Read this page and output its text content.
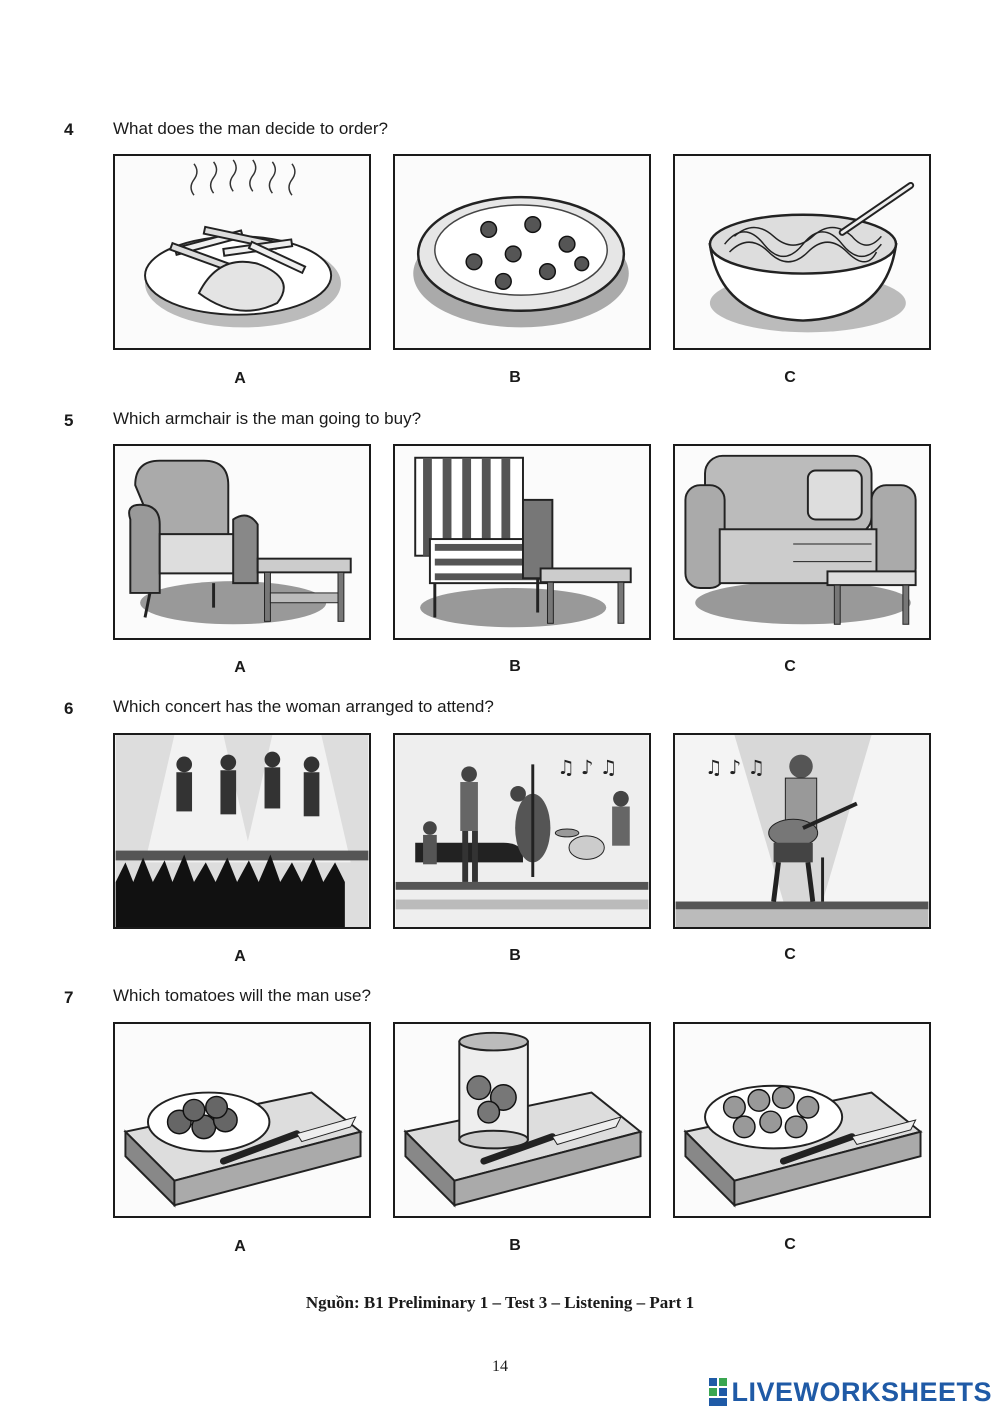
4 What does the man decide to order?
A	B	C
5 Which armchair is the man going to buy?
A	B	C
6 Which concert has the woman arranged to attend?
♫ ♪ ♫	♫ ♪ ♫
A	B	C
7 Which tomatoes will the man use?
A	B	C
Nguồn: B1 Preliminary 1 – Test 3 – Listening – Part 1
14
LIVEWORKSHEETS
